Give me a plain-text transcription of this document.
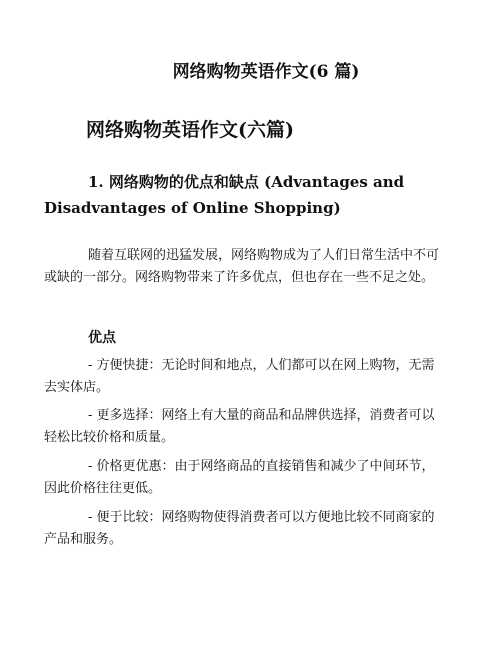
网络购物英语作文(6 篇)
网络购物英语作文(六篇)
1. 网络购物的优点和缺点 (Advantages and
Disadvantages of Online Shopping)

随着互联网的迅猛发展，网络购物成为了人们日常生活中不可
或缺的一部分。网络购物带来了许多优点，但也存在一些不足之处。

优点

- 方便快捷：无论时间和地点，人们都可以在网上购物，无需
去实体店。

- 更多选择：网络上有大量的商品和品牌供选择，消费者可以
轻松比较价格和质量。

- 价格更优惠：由于网络商品的直接销售和减少了中间环节，
因此价格往往更低。

- 便于比较：网络购物使得消费者可以方便地比较不同商家的
产品和服务。
